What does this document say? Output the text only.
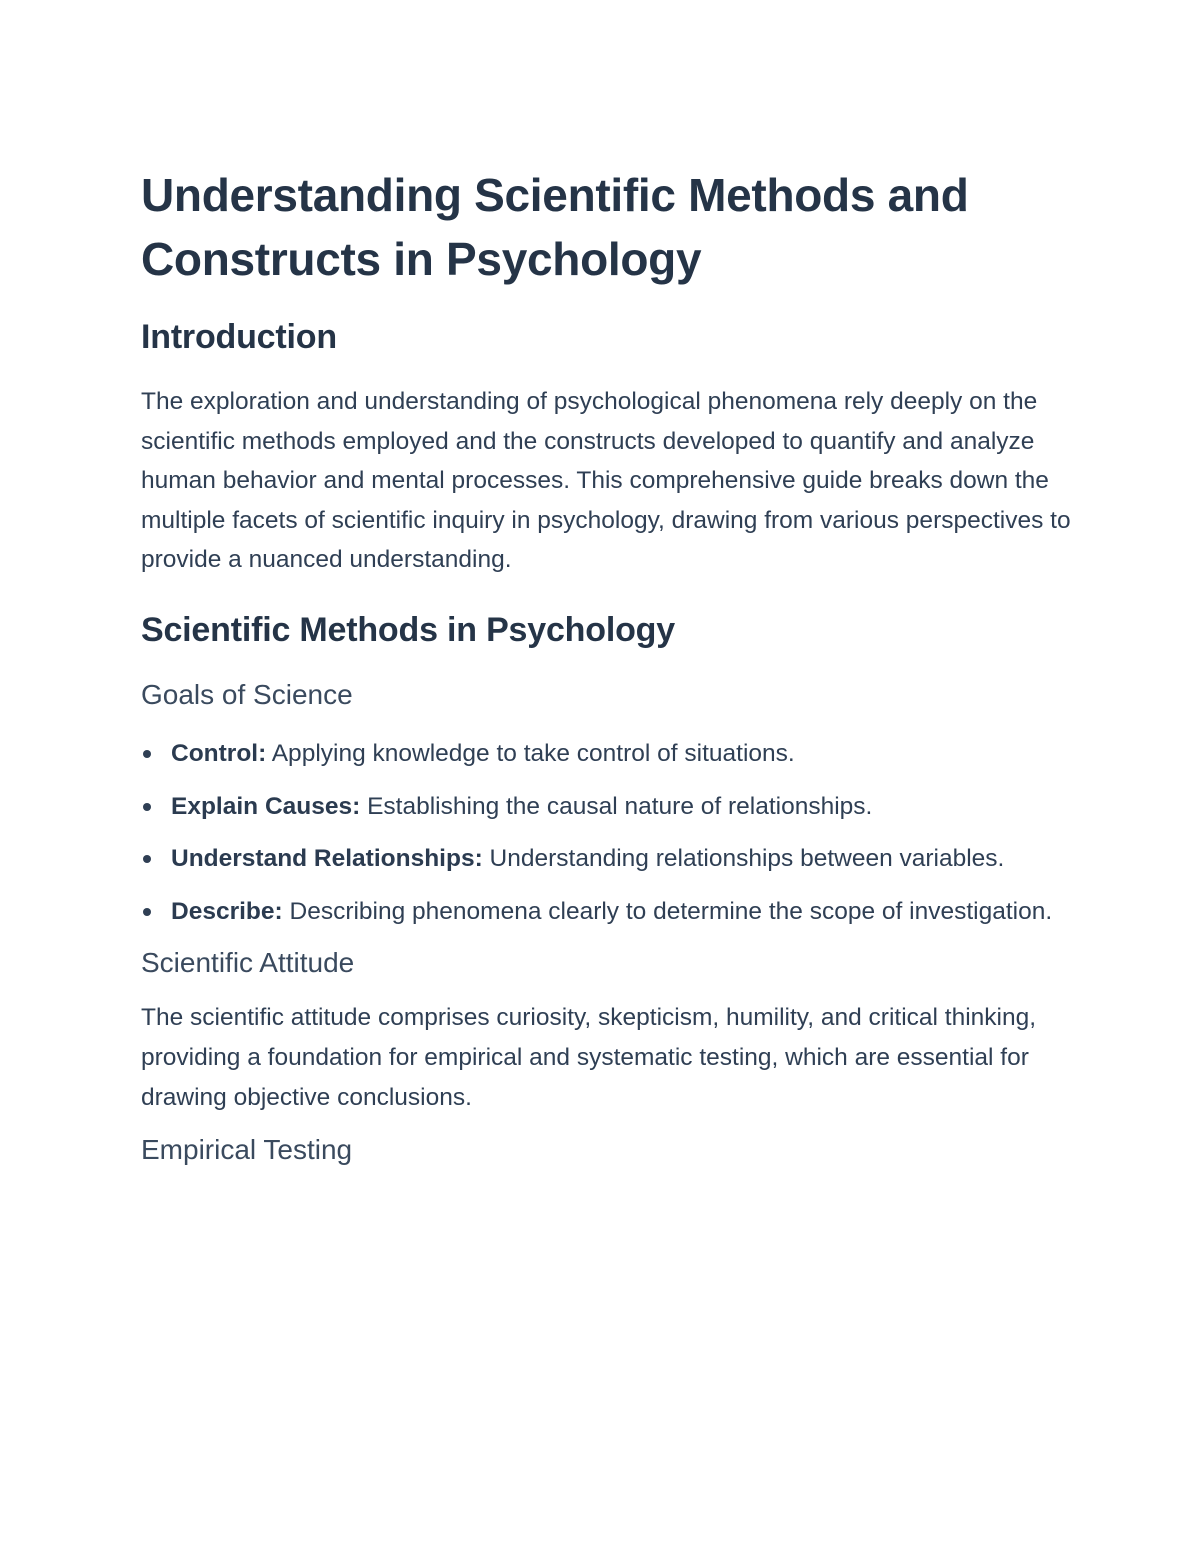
Understanding Scientific Methods and Constructs in Psychology
Introduction

The exploration and understanding of psychological phenomena rely deeply on the scientific methods employed and the constructs developed to quantify and analyze human behavior and mental processes. This comprehensive guide breaks down the multiple facets of scientific inquiry in psychology, drawing from various perspectives to provide a nuanced understanding.

Scientific Methods in Psychology
Goals of Science
Control: Applying knowledge to take control of situations.
Explain Causes: Establishing the causal nature of relationships.
Understand Relationships: Understanding relationships between variables.
Describe: Describing phenomena clearly to determine the scope of investigation.
Scientific Attitude

The scientific attitude comprises curiosity, skepticism, humility, and critical thinking, providing a foundation for empirical and systematic testing, which are essential for drawing objective conclusions.

Empirical Testing
